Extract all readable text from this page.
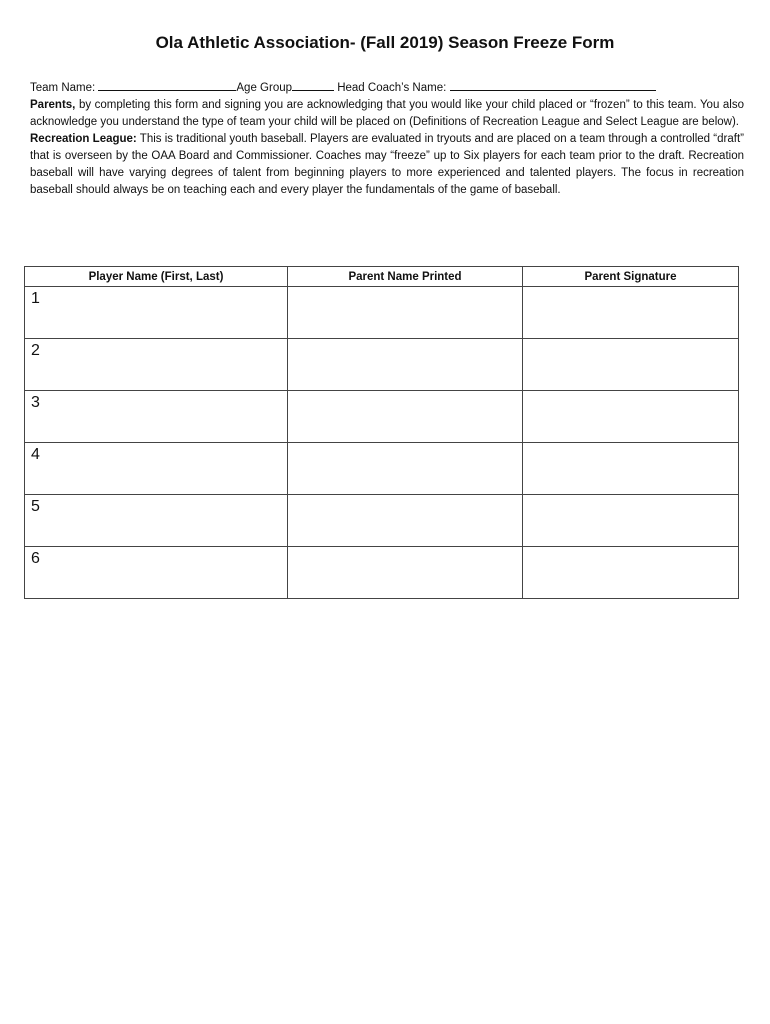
Ola Athletic Association- (Fall 2019) Season Freeze Form
Team Name:	Age Group	Head Coach’s Name:
Parents, by completing this form and signing you are acknowledging that you would like your child placed or “frozen” to this team. You also acknowledge you understand the type of team your child will be placed on (Definitions of Recreation League and Select League are below).
Recreation League: This is traditional youth baseball. Players are evaluated in tryouts and are placed on a team through a controlled “draft” that is overseen by the OAA Board and Commissioner. Coaches may “freeze” up to Six players for each team prior to the draft. Recreation baseball will have varying degrees of talent from beginning players to more experienced and talented players. The focus in recreation baseball should always be on teaching each and every player the fundamentals of the game of baseball.
Player Name (First, Last)	Parent Name Printed	Parent Signature

1		

2		

3		

4		

5		

6		
